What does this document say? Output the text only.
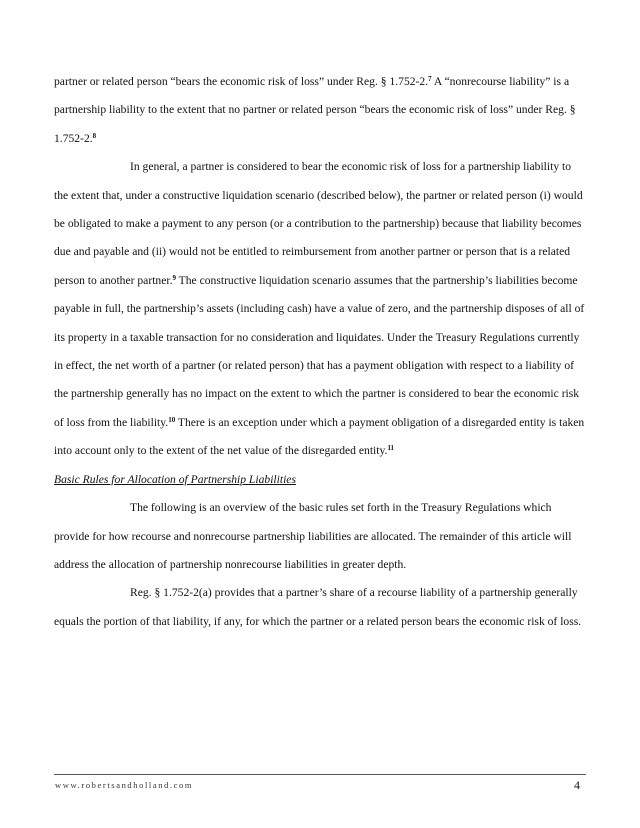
partner or related person “bears the economic risk of loss” under Reg. § 1.752-2.$^7$ A “nonrecourse liability” is a partnership liability to the extent that no partner or related person “bears the economic risk of loss” under Reg. § 1.752-2.$^8$

In general, a partner is considered to bear the economic risk of loss for a partnership liability to the extent that, under a constructive liquidation scenario (described below), the partner or related person (i) would be obligated to make a payment to any person (or a contribution to the partnership) because that liability becomes due and payable and (ii) would not be entitled to reimbursement from another partner or person that is a related person to another partner.$^9$ The constructive liquidation scenario assumes that the partnership’s liabilities become payable in full, the partnership’s assets (including cash) have a value of zero, and the partnership disposes of all of its property in a taxable transaction for no consideration and liquidates. Under the Treasury Regulations currently in effect, the net worth of a partner (or related person) that has a payment obligation with respect to a liability of the partnership generally has no impact on the extent to which the partner is considered to bear the economic risk of loss from the liability.$^{10}$ There is an exception under which a payment obligation of a disregarded entity is taken into account only to the extent of the net value of the disregarded entity.$^{11}$

Basic Rules for Allocation of Partnership Liabilities

The following is an overview of the basic rules set forth in the Treasury Regulations which provide for how recourse and nonrecourse partnership liabilities are allocated. The remainder of this article will address the allocation of partnership nonrecourse liabilities in greater depth.

Reg. § 1.752-2(a) provides that a partner’s share of a recourse liability of a partnership generally equals the portion of that liability, if any, for which the partner or a related person bears the economic risk of loss.

www.robertsandholland.com	4
